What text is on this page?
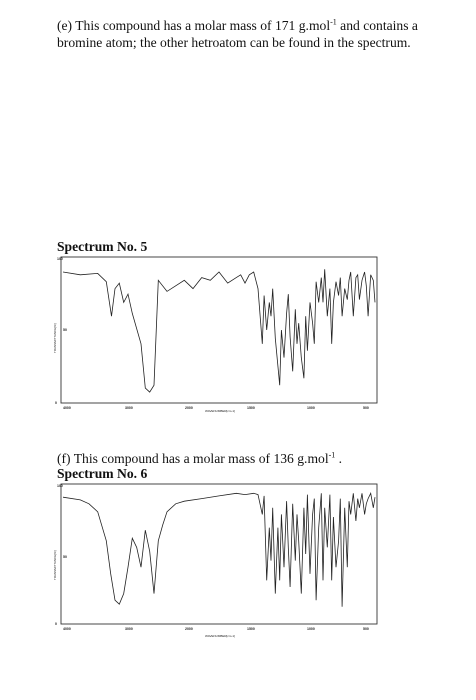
(e) This compound has a molar mass of 171 g.mol$^{-1}$ and contains a bromine atom; the other hetroatom can be found in the spectrum.
Spectrum No. 5
100
50
0
TRANSMITTANCE[%]
WAVENUMBER[cm-1]
4000	3000	2000	1500	1000	500
(f) This compound has a molar mass of 136 g.mol$^{-1}$ .
Spectrum No. 6
100
50
0
TRANSMITTANCE[%]
WAVENUMBER[cm-1]
4000	3000	2000	1500	1000	500
